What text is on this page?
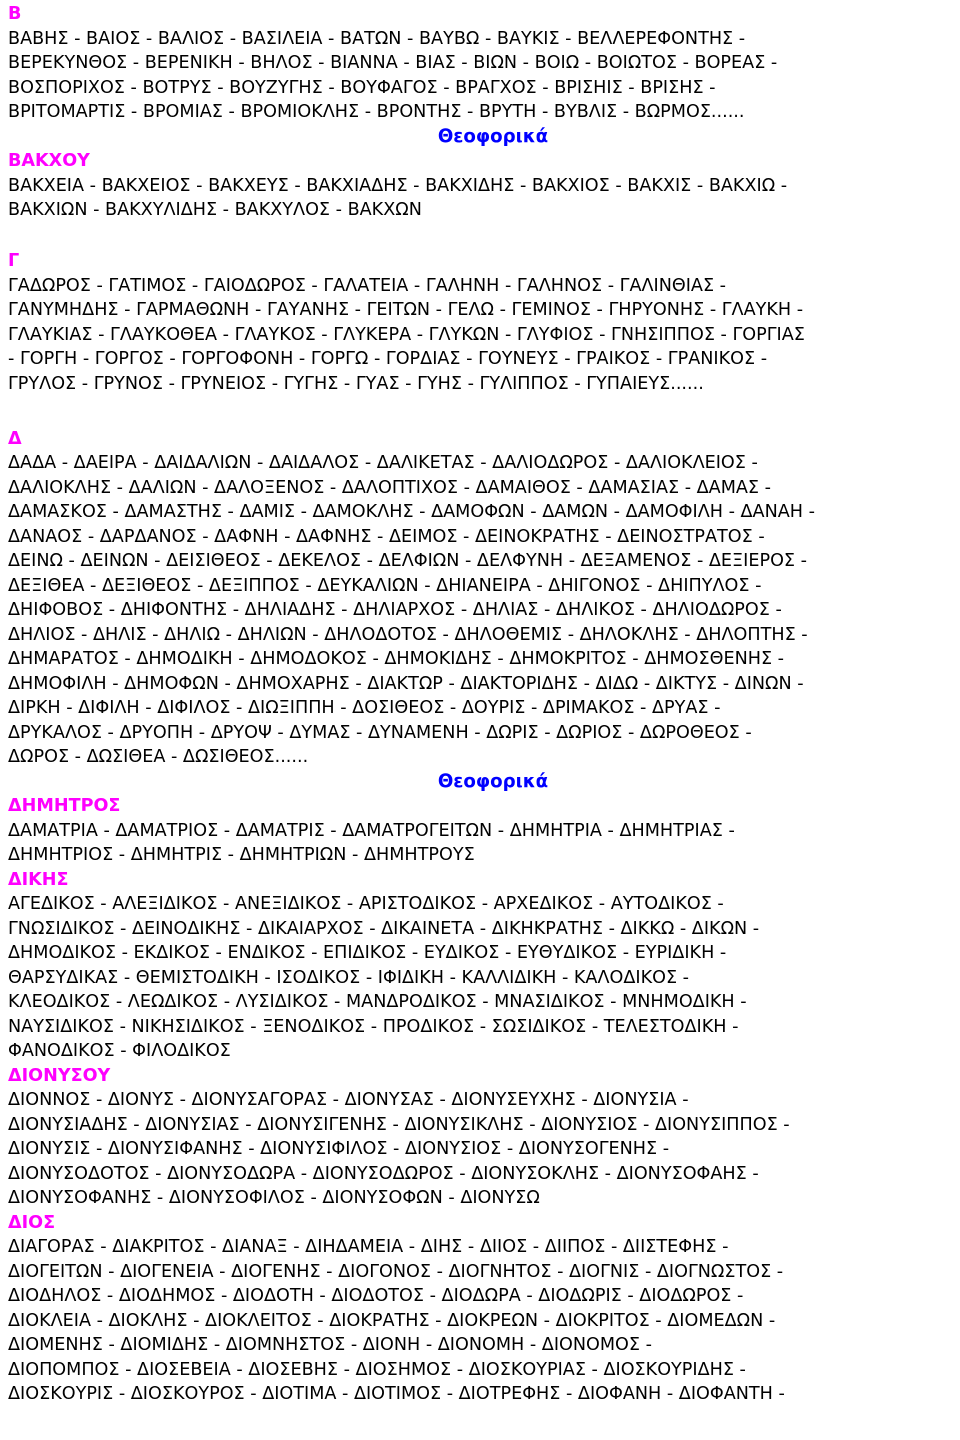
Β
ΒΑΒΗΣ - ΒΑΙΟΣ - ΒΑΛΙΟΣ - ΒΑΣΙΛΕΙΑ - ΒΑΤΩΝ - ΒΑΥΒΩ - ΒΑΥΚΙΣ - ΒΕΛΛΕΡΕΦΟΝΤΗΣ -
ΒΕΡΕΚΥΝΘΟΣ - ΒΕΡΕΝΙΚΗ - ΒΗΛΟΣ - ΒΙΑΝΝΑ - ΒΙΑΣ - ΒΙΩΝ - ΒΟΙΩ - ΒΟΙΩΤΟΣ - ΒΟΡΕΑΣ -
ΒΟΣΠΟΡΙΧΟΣ - ΒΟΤΡΥΣ - ΒΟΥΖΥΓΗΣ - ΒΟΥΦΑΓΟΣ - ΒΡΑΓΧΟΣ - ΒΡΙΣΗΙΣ - ΒΡΙΣΗΣ -
ΒΡΙΤΟΜΑΡΤΙΣ - ΒΡΟΜΙΑΣ - ΒΡΟΜΙΟΚΛΗΣ - ΒΡΟΝΤΗΣ - ΒΡΥΤΗ - ΒΥΒΛΙΣ - ΒΩΡΜΟΣ......
Θεοφορικά
ΒΑΚΧΟΥ
ΒΑΚΧΕΙΑ - ΒΑΚΧΕΙΟΣ - ΒΑΚΧΕΥΣ - ΒΑΚΧΙΑΔΗΣ - ΒΑΚΧΙΔΗΣ - ΒΑΚΧΙΟΣ - ΒΑΚΧΙΣ - ΒΑΚΧΙΩ -
ΒΑΚΧΙΩΝ - ΒΑΚΧΥΛΙΔΗΣ - ΒΑΚΧΥΛΟΣ - ΒΑΚΧΩΝ
Γ
ΓΑΔΩΡΟΣ - ΓΑΤΙΜΟΣ - ΓΑΙΟΔΩΡΟΣ - ΓΑΛΑΤΕΙΑ - ΓΑΛΗΝΗ - ΓΑΛΗΝΟΣ - ΓΑΛΙΝΘΙΑΣ -
ΓΑΝΥΜΗΔΗΣ - ΓΑΡΜΑΘΩΝΗ - ΓΑΥΑΝΗΣ - ΓΕΙΤΩΝ - ΓΕΛΩ - ΓΕΜΙΝΟΣ - ΓΗΡΥΟΝΗΣ - ΓΛΑΥΚΗ -
ΓΛΑΥΚΙΑΣ - ΓΛΑΥΚΟΘΕΑ - ΓΛΑΥΚΟΣ - ΓΛΥΚΕΡΑ - ΓΛΥΚΩΝ - ΓΛΥΦΙΟΣ - ΓΝΗΣΙΠΠΟΣ - ΓΟΡΓΙΑΣ
- ΓΟΡΓΗ - ΓΟΡΓΟΣ - ΓΟΡΓΟΦΟΝΗ - ΓΟΡΓΩ - ΓΟΡΔΙΑΣ - ΓΟΥΝΕΥΣ - ΓΡΑΙΚΟΣ - ΓΡΑΝΙΚΟΣ -
ΓΡΥΛΟΣ - ΓΡΥΝΟΣ - ΓΡΥΝΕΙΟΣ - ΓΥΓΗΣ - ΓΥΑΣ - ΓΥΗΣ - ΓΥΛΙΠΠΟΣ - ΓΥΠΑΙΕΥΣ......
Δ
ΔΑΔΑ - ΔΑΕΙΡΑ - ΔΑΙΔΑΛΙΩΝ - ΔΑΙΔΑΛΟΣ - ΔΑΛΙΚΕΤΑΣ - ΔΑΛΙΟΔΩΡΟΣ - ΔΑΛΙΟΚΛΕΙΟΣ -
ΔΑΛΙΟΚΛΗΣ - ΔΑΛΙΩΝ - ΔΑΛΟΞΕΝΟΣ - ΔΑΛΟΠΤΙΧΟΣ - ΔΑΜΑΙΘΟΣ - ΔΑΜΑΣΙΑΣ - ΔΑΜΑΣ -
ΔΑΜΑΣΚΟΣ - ΔΑΜΑΣΤΗΣ - ΔΑΜΙΣ - ΔΑΜΟΚΛΗΣ - ΔΑΜΟΦΩΝ - ΔΑΜΩΝ - ΔΑΜΟΦΙΛΗ - ΔΑΝΑΗ -
ΔΑΝΑΟΣ - ΔΑΡΔΑΝΟΣ - ΔΑΦΝΗ - ΔΑΦΝΗΣ - ΔΕΙΜΟΣ - ΔΕΙΝΟΚΡΑΤΗΣ - ΔΕΙΝΟΣΤΡΑΤΟΣ -
ΔΕΙΝΩ - ΔΕΙΝΩΝ - ΔΕΙΣΙΘΕΟΣ - ΔΕΚΕΛΟΣ - ΔΕΛΦΙΩΝ - ΔΕΛΦΥΝΗ - ΔΕΞΑΜΕΝΟΣ - ΔΕΞΙΕΡΟΣ -
ΔΕΞΙΘΕΑ - ΔΕΞΙΘΕΟΣ - ΔΕΞΙΠΠΟΣ - ΔΕΥΚΑΛΙΩΝ - ΔΗΙΑΝΕΙΡΑ - ΔΗΙΓΟΝΟΣ - ΔΗΙΠΥΛΟΣ -
ΔΗΙΦΟΒΟΣ - ΔΗΙΦΟΝΤΗΣ - ΔΗΛΙΑΔΗΣ - ΔΗΛΙΑΡΧΟΣ - ΔΗΛΙΑΣ - ΔΗΛΙΚΟΣ - ΔΗΛΙΟΔΩΡΟΣ -
ΔΗΛΙΟΣ - ΔΗΛΙΣ - ΔΗΛΙΩ - ΔΗΛΙΩΝ - ΔΗΛΟΔΟΤΟΣ - ΔΗΛΟΘΕΜΙΣ - ΔΗΛΟΚΛΗΣ - ΔΗΛΟΠΤΗΣ -
ΔΗΜΑΡΑΤΟΣ - ΔΗΜΟΔΙΚΗ - ΔΗΜΟΔΟΚΟΣ - ΔΗΜΟΚΙΔΗΣ - ΔΗΜΟΚΡΙΤΟΣ - ΔΗΜΟΣΘΕΝΗΣ -
ΔΗΜΟΦΙΛΗ - ΔΗΜΟΦΩΝ - ΔΗΜΟΧΑΡΗΣ - ΔΙΑΚΤΩΡ - ΔΙΑΚΤΟΡΙΔΗΣ - ΔΙΔΩ - ΔΙΚΤΥΣ - ΔΙΝΩΝ -
ΔΙΡΚΗ - ΔΙΦΙΛΗ - ΔΙΦΙΛΟΣ - ΔΙΩΞΙΠΠΗ - ΔΟΣΙΘΕΟΣ - ΔΟΥΡΙΣ - ΔΡΙΜΑΚΟΣ - ΔΡΥΑΣ -
ΔΡΥΚΑΛΟΣ - ΔΡΥΟΠΗ - ΔΡΥΟΨ - ΔΥΜΑΣ - ΔΥΝΑΜΕΝΗ - ΔΩΡΙΣ - ΔΩΡΙΟΣ - ΔΩΡΟΘΕΟΣ -
ΔΩΡΟΣ - ΔΩΣΙΘΕΑ - ΔΩΣΙΘΕΟΣ......
Θεοφορικά
ΔΗΜΗΤΡΟΣ
ΔΑΜΑΤΡΙΑ - ΔΑΜΑΤΡΙΟΣ - ΔΑΜΑΤΡΙΣ - ΔΑΜΑΤΡΟΓΕΙΤΩΝ - ΔΗΜΗΤΡΙΑ - ΔΗΜΗΤΡΙΑΣ -
ΔΗΜΗΤΡΙΟΣ - ΔΗΜΗΤΡΙΣ - ΔΗΜΗΤΡΙΩΝ - ΔΗΜΗΤΡΟΥΣ
ΔΙΚΗΣ
ΑΓΕΔΙΚΟΣ - ΑΛΕΞΙΔΙΚΟΣ - ΑΝΕΞΙΔΙΚΟΣ - ΑΡΙΣΤΟΔΙΚΟΣ - ΑΡΧΕΔΙΚΟΣ - ΑΥΤΟΔΙΚΟΣ -
ΓΝΩΣΙΔΙΚΟΣ - ΔΕΙΝΟΔΙΚΗΣ - ΔΙΚΑΙΑΡΧΟΣ - ΔΙΚΑΙΝΕΤΑ - ΔΙΚΗΚΡΑΤΗΣ - ΔΙΚΚΩ - ΔΙΚΩΝ -
ΔΗΜΟΔΙΚΟΣ - ΕΚΔΙΚΟΣ - ΕΝΔΙΚΟΣ - ΕΠΙΔΙΚΟΣ - ΕΥΔΙΚΟΣ - ΕΥΘΥΔΙΚΟΣ - ΕΥΡΙΔΙΚΗ -
ΘΑΡΣΥΔΙΚΑΣ - ΘΕΜΙΣΤΟΔΙΚΗ - ΙΣΟΔΙΚΟΣ - ΙΦΙΔΙΚΗ - ΚΑΛΛΙΔΙΚΗ - ΚΑΛΟΔΙΚΟΣ -
ΚΛΕΟΔΙΚΟΣ - ΛΕΩΔΙΚΟΣ - ΛΥΣΙΔΙΚΟΣ - ΜΑΝΔΡΟΔΙΚΟΣ - ΜΝΑΣΙΔΙΚΟΣ - ΜΝΗΜΟΔΙΚΗ -
ΝΑΥΣΙΔΙΚΟΣ - ΝΙΚΗΣΙΔΙΚΟΣ - ΞΕΝΟΔΙΚΟΣ - ΠΡΟΔΙΚΟΣ - ΣΩΣΙΔΙΚΟΣ - ΤΕΛΕΣΤΟΔΙΚΗ -
ΦΑΝΟΔΙΚΟΣ - ΦΙΛΟΔΙΚΟΣ
ΔΙΟΝΥΣΟΥ
ΔΙΟΝΝΟΣ - ΔΙΟΝΥΣ - ΔΙΟΝΥΣΑΓΟΡΑΣ - ΔΙΟΝΥΣΑΣ - ΔΙΟΝΥΣΕΥΧΗΣ - ΔΙΟΝΥΣΙΑ -
ΔΙΟΝΥΣΙΑΔΗΣ - ΔΙΟΝΥΣΙΑΣ - ΔΙΟΝΥΣΙΓΕΝΗΣ - ΔΙΟΝΥΣΙΚΛΗΣ - ΔΙΟΝΥΣΙΟΣ - ΔΙΟΝΥΣΙΠΠΟΣ -
ΔΙΟΝΥΣΙΣ - ΔΙΟΝΥΣΙΦΑΝΗΣ - ΔΙΟΝΥΣΙΦΙΛΟΣ - ΔΙΟΝΥΣΙΟΣ - ΔΙΟΝΥΣΟΓΕΝΗΣ -
ΔΙΟΝΥΣΟΔΟΤΟΣ - ΔΙΟΝΥΣΟΔΩΡΑ - ΔΙΟΝΥΣΟΔΩΡΟΣ - ΔΙΟΝΥΣΟΚΛΗΣ - ΔΙΟΝΥΣΟΦΑΗΣ -
ΔΙΟΝΥΣΟΦΑΝΗΣ - ΔΙΟΝΥΣΟΦΙΛΟΣ - ΔΙΟΝΥΣΟΦΩΝ - ΔΙΟΝΥΣΩ
ΔΙΟΣ
ΔΙΑΓΟΡΑΣ - ΔΙΑΚΡΙΤΟΣ - ΔΙΑΝΑΞ - ΔΙΗΔΑΜΕΙΑ - ΔΙΗΣ - ΔΙΙΟΣ - ΔΙΙΠΟΣ - ΔΙΙΣΤΕΦΗΣ -
ΔΙΟΓΕΙΤΩΝ - ΔΙΟΓΕΝΕΙΑ - ΔΙΟΓΕΝΗΣ - ΔΙΟΓΟΝΟΣ - ΔΙΟΓΝΗΤΟΣ - ΔΙΟΓΝΙΣ - ΔΙΟΓΝΩΣΤΟΣ -
ΔΙΟΔΗΛΟΣ - ΔΙΟΔΗΜΟΣ - ΔΙΟΔΟΤΗ - ΔΙΟΔΟΤΟΣ - ΔΙΟΔΩΡΑ - ΔΙΟΔΩΡΙΣ - ΔΙΟΔΩΡΟΣ -
ΔΙΟΚΛΕΙΑ - ΔΙΟΚΛΗΣ - ΔΙΟΚΛΕΙΤΟΣ - ΔΙΟΚΡΑΤΗΣ - ΔΙΟΚΡΕΩΝ - ΔΙΟΚΡΙΤΟΣ - ΔΙΟΜΕΔΩΝ -
ΔΙΟΜΕΝΗΣ - ΔΙΟΜΙΔΗΣ - ΔΙΟΜΝΗΣΤΟΣ - ΔΙΟΝΗ - ΔΙΟΝΟΜΗ - ΔΙΟΝΟΜΟΣ -
ΔΙΟΠΟΜΠΟΣ - ΔΙΟΣΕΒΕΙΑ - ΔΙΟΣΕΒΗΣ - ΔΙΟΣΗΜΟΣ - ΔΙΟΣΚΟΥΡΙΑΣ - ΔΙΟΣΚΟΥΡΙΔΗΣ -
ΔΙΟΣΚΟΥΡΙΣ - ΔΙΟΣΚΟΥΡΟΣ - ΔΙΟΤΙΜΑ - ΔΙΟΤΙΜΟΣ - ΔΙΟΤΡΕΦΗΣ - ΔΙΟΦΑΝΗ - ΔΙΟΦΑΝΤΗ -
